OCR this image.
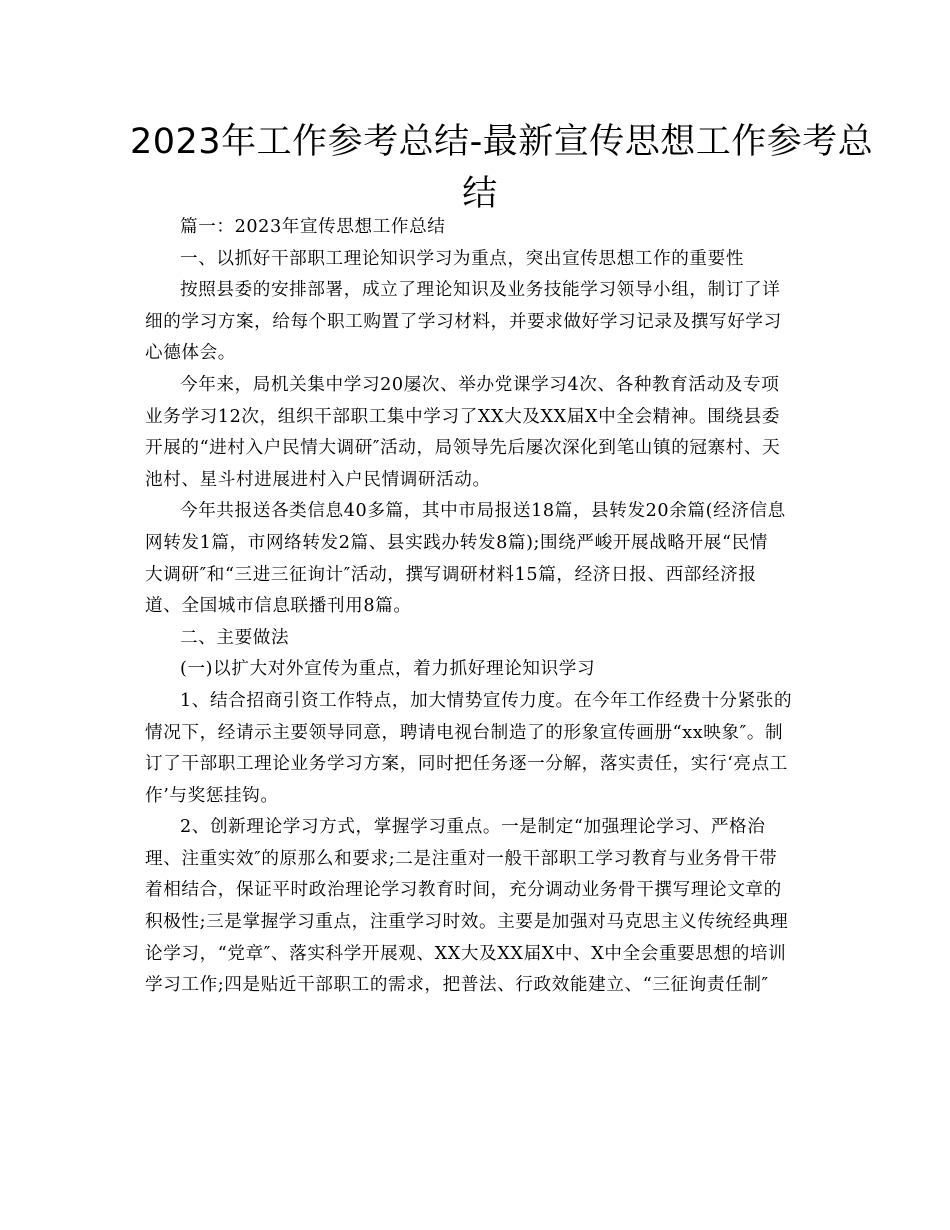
2023年工作参考总结-最新宣传思想工作参考总
结

篇一：2023年宣传思想工作总结

一、以抓好干部职工理论知识学习为重点，突出宣传思想工作的重要性

按照县委的安排部署，成立了理论知识及业务技能学习领导小组，制订了详
细的学习方案，给每个职工购置了学习材料，并要求做好学习记录及撰写好学习
心德体会。

今年来，局机关集中学习20屡次、举办党课学习4次、各种教育活动及专项
业务学习12次，组织干部职工集中学习了XX大及XX届X中全会精神。围绕县委
开展的“进村入户民情大调研″活动，局领导先后屡次深化到笔山镇的冠寨村、天
池村、星斗村进展进村入户民情调研活动。

今年共报送各类信息40多篇，其中市局报送18篇，县转发20余篇(经济信息
网转发1篇，市网络转发2篇、县实践办转发8篇);围绕严峻开展战略开展“民情
大调研″和“三进三征询计″活动，撰写调研材料15篇，经济日报、西部经济报
道、全国城市信息联播刊用8篇。

二、主要做法

(一)以扩大对外宣传为重点，着力抓好理论知识学习

1、结合招商引资工作特点，加大情势宣传力度。在今年工作经费十分紧张的
情况下，经请示主要领导同意，聘请电视台制造了的形象宣传画册“xx映象″。制
订了干部职工理论业务学习方案，同时把任务逐一分解，落实责任，实行‘亮点工
作’与奖惩挂钩。

2、创新理论学习方式，掌握学习重点。一是制定“加强理论学习、严格治
理、注重实效″的原那么和要求;二是注重对一般干部职工学习教育与业务骨干带
着相结合，保证平时政治理论学习教育时间，充分调动业务骨干撰写理论文章的
积极性;三是掌握学习重点，注重学习时效。主要是加强对马克思主义传统经典理
论学习，“党章″、落实科学开展观、XX大及XX届X中、X中全会重要思想的培训
学习工作;四是贴近干部职工的需求，把普法、行政效能建立、“三征询责任制″
